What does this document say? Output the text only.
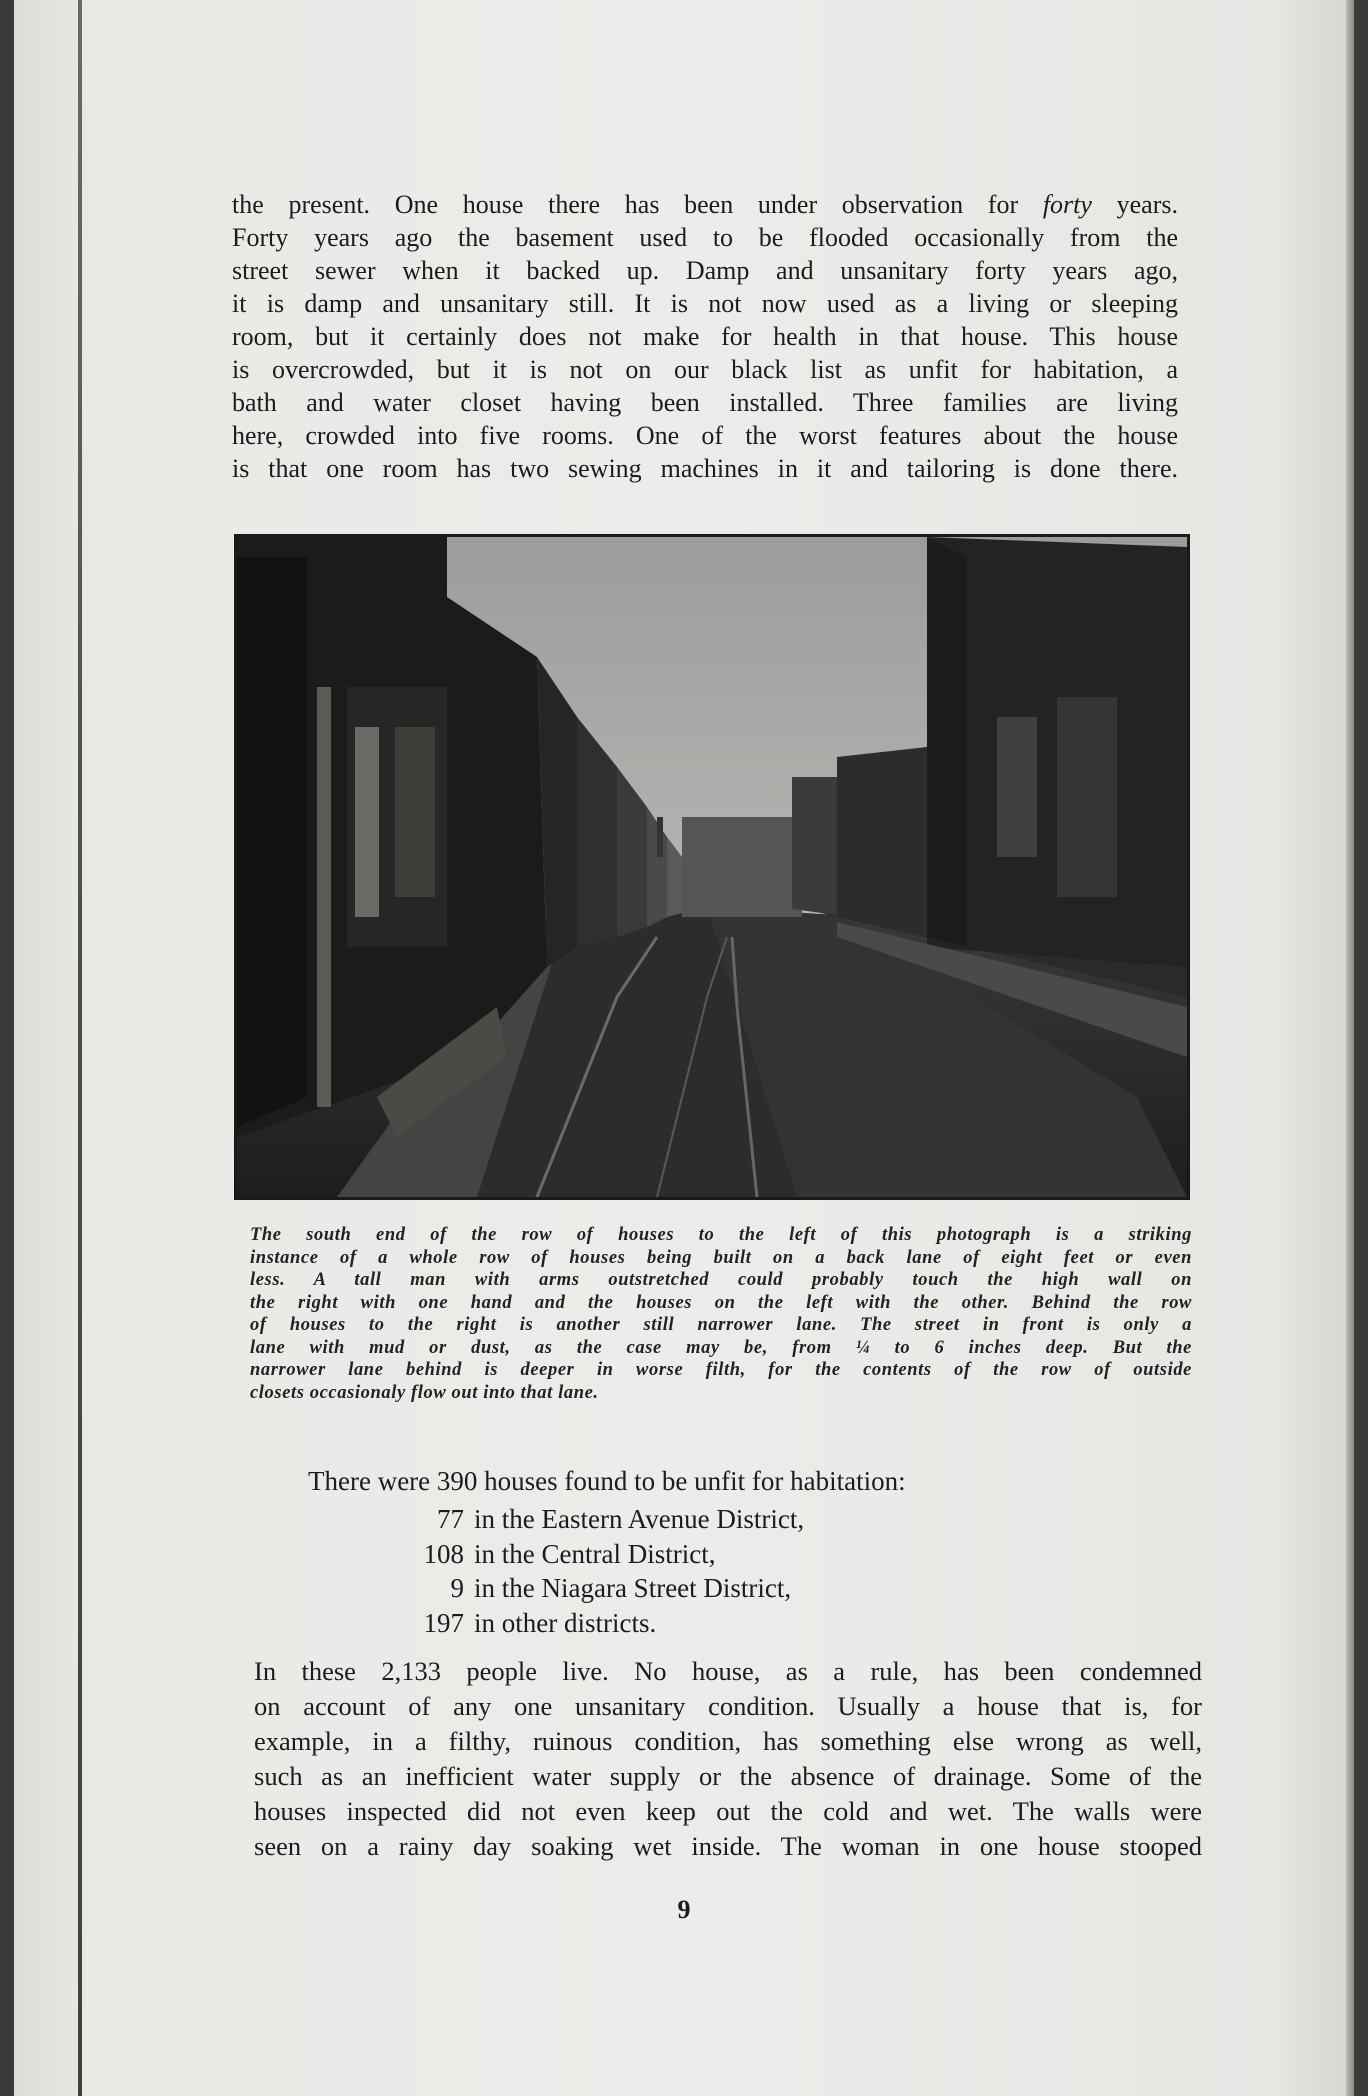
the present. One house there has been under observation for forty years.
Forty years ago the basement used to be flooded occasionally from the
street sewer when it backed up. Damp and unsanitary forty years ago,
it is damp and unsanitary still. It is not now used as a living or sleeping
room, but it certainly does not make for health in that house. This house
is overcrowded, but it is not on our black list as unfit for habitation, a
bath and water closet having been installed. Three families are living
here, crowded into five rooms. One of the worst features about the house
is that one room has two sewing machines in it and tailoring is done there.
The south end of the row of houses to the left of this photograph is a striking
instance of a whole row of houses being built on a back lane of eight feet or even
less. A tall man with arms outstretched could probably touch the high wall on
the right with one hand and the houses on the left with the other. Behind the row
of houses to the right is another still narrower lane. The street in front is only a
lane with mud or dust, as the case may be, from ¼ to 6 inches deep. But the
narrower lane behind is deeper in worse filth, for the contents of the row of outside
closets occasionaly flow out into that lane.
There were 390 houses found to be unfit for habitation:
77 in the Eastern Avenue District,
108 in the Central District,
9 in the Niagara Street District,
197 in other districts.
In these 2,133 people live. No house, as a rule, has been condemned
on account of any one unsanitary condition. Usually a house that is, for
example, in a filthy, ruinous condition, has something else wrong as well,
such as an inefficient water supply or the absence of drainage. Some of the
houses inspected did not even keep out the cold and wet. The walls were
seen on a rainy day soaking wet inside. The woman in one house stooped
9
